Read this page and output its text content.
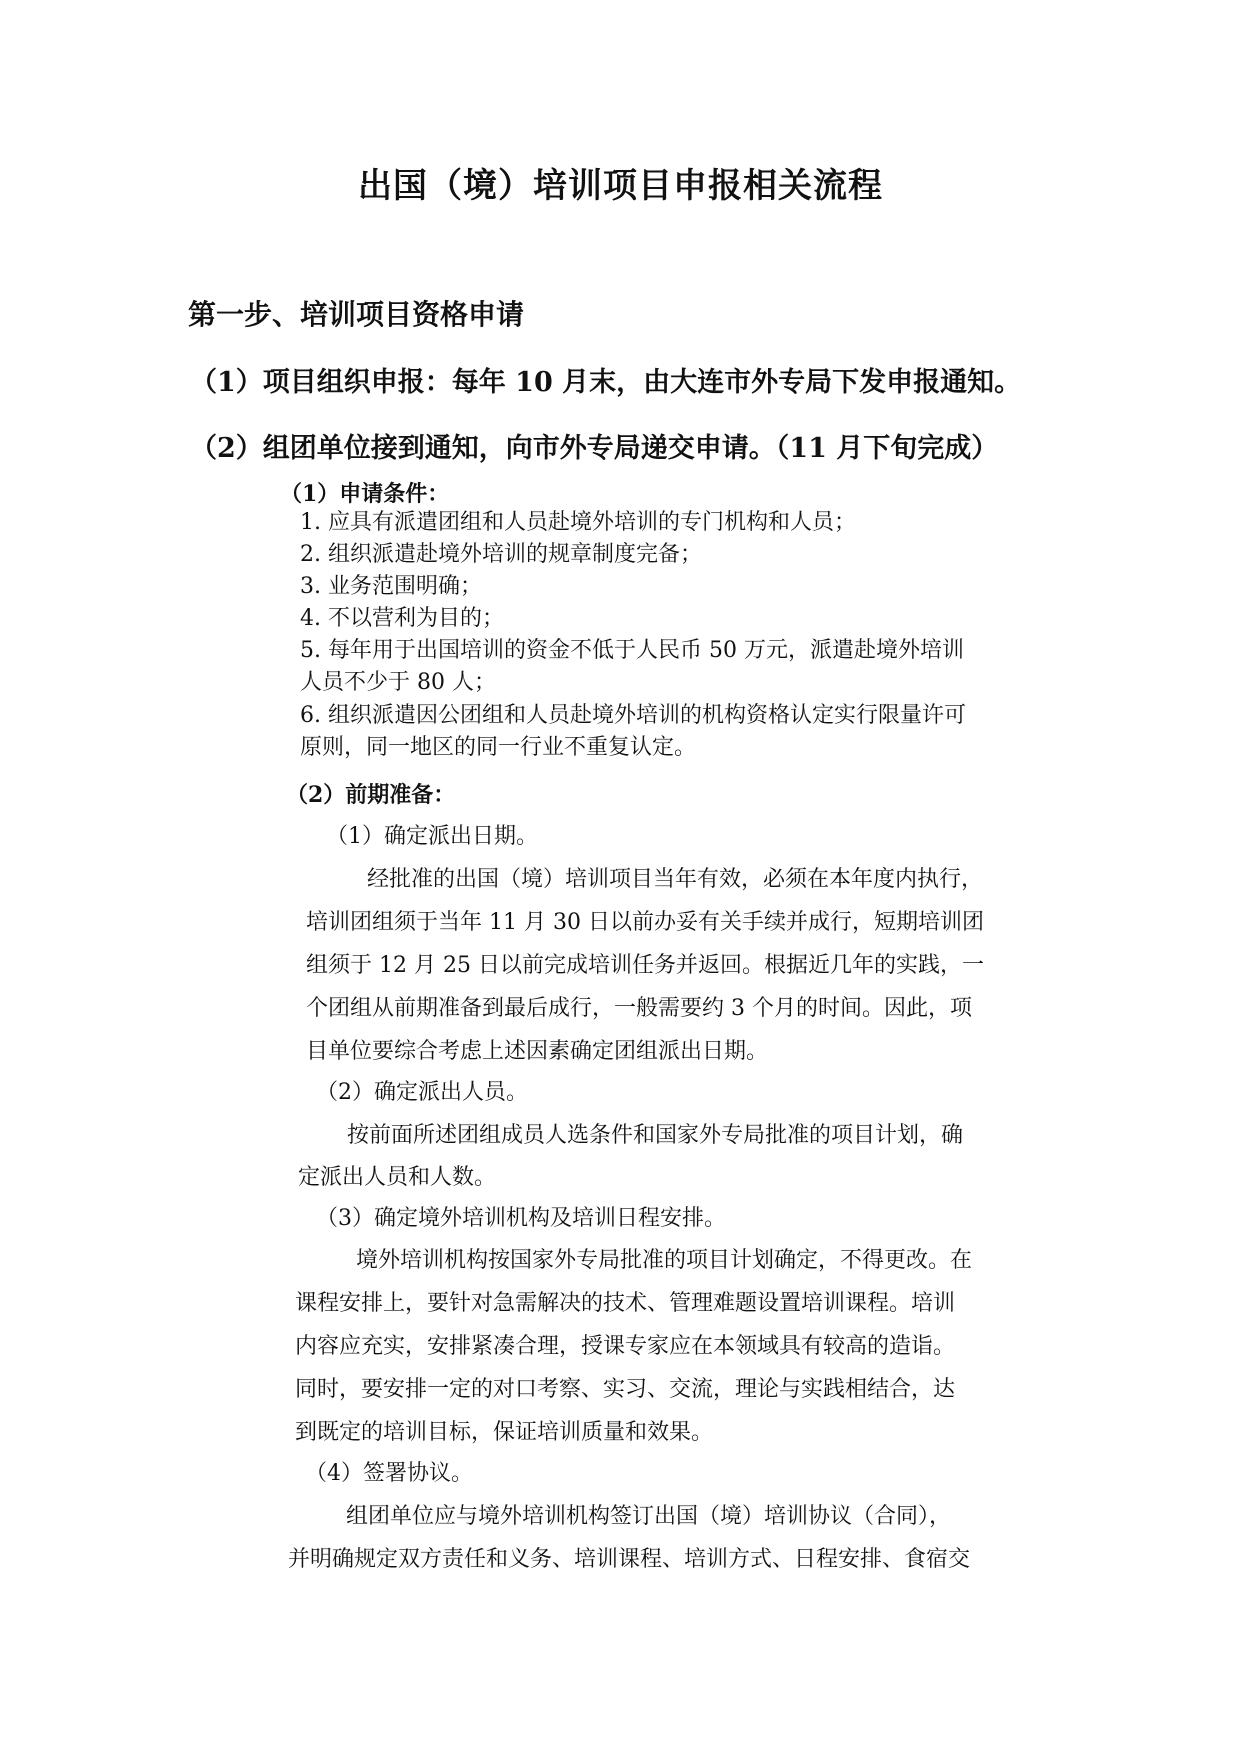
出国（境）培训项目申报相关流程
第一步、培训项目资格申请
（1）项目组织申报：每年 10 月末，由大连市外专局下发申报通知。
（2）组团单位接到通知，向市外专局递交申请。（11 月下旬完成）
（1）申请条件：
1. 应具有派遣团组和人员赴境外培训的专门机构和人员；
2. 组织派遣赴境外培训的规章制度完备；
3. 业务范围明确；
4. 不以营利为目的；
5. 每年用于出国培训的资金不低于人民币 50 万元，派遣赴境外培训
人员不少于 80 人；
6. 组织派遣因公团组和人员赴境外培训的机构资格认定实行限量许可
原则，同一地区的同一行业不重复认定。
（2）前期准备：
（1）确定派出日期。
经批准的出国（境）培训项目当年有效，必须在本年度内执行，
培训团组须于当年 11 月 30 日以前办妥有关手续并成行，短期培训团
组须于 12 月 25 日以前完成培训任务并返回。根据近几年的实践，一
个团组从前期准备到最后成行，一般需要约 3 个月的时间。因此，项
目单位要综合考虑上述因素确定团组派出日期。
（2）确定派出人员。
按前面所述团组成员人选条件和国家外专局批准的项目计划，确
定派出人员和人数。
（3）确定境外培训机构及培训日程安排。
境外培训机构按国家外专局批准的项目计划确定，不得更改。在
课程安排上，要针对急需解决的技术、管理难题设置培训课程。培训
内容应充实，安排紧凑合理，授课专家应在本领域具有较高的造诣。
同时，要安排一定的对口考察、实习、交流，理论与实践相结合，达
到既定的培训目标，保证培训质量和效果。
（4）签署协议。
组团单位应与境外培训机构签订出国（境）培训协议（合同），
并明确规定双方责任和义务、培训课程、培训方式、日程安排、食宿交
